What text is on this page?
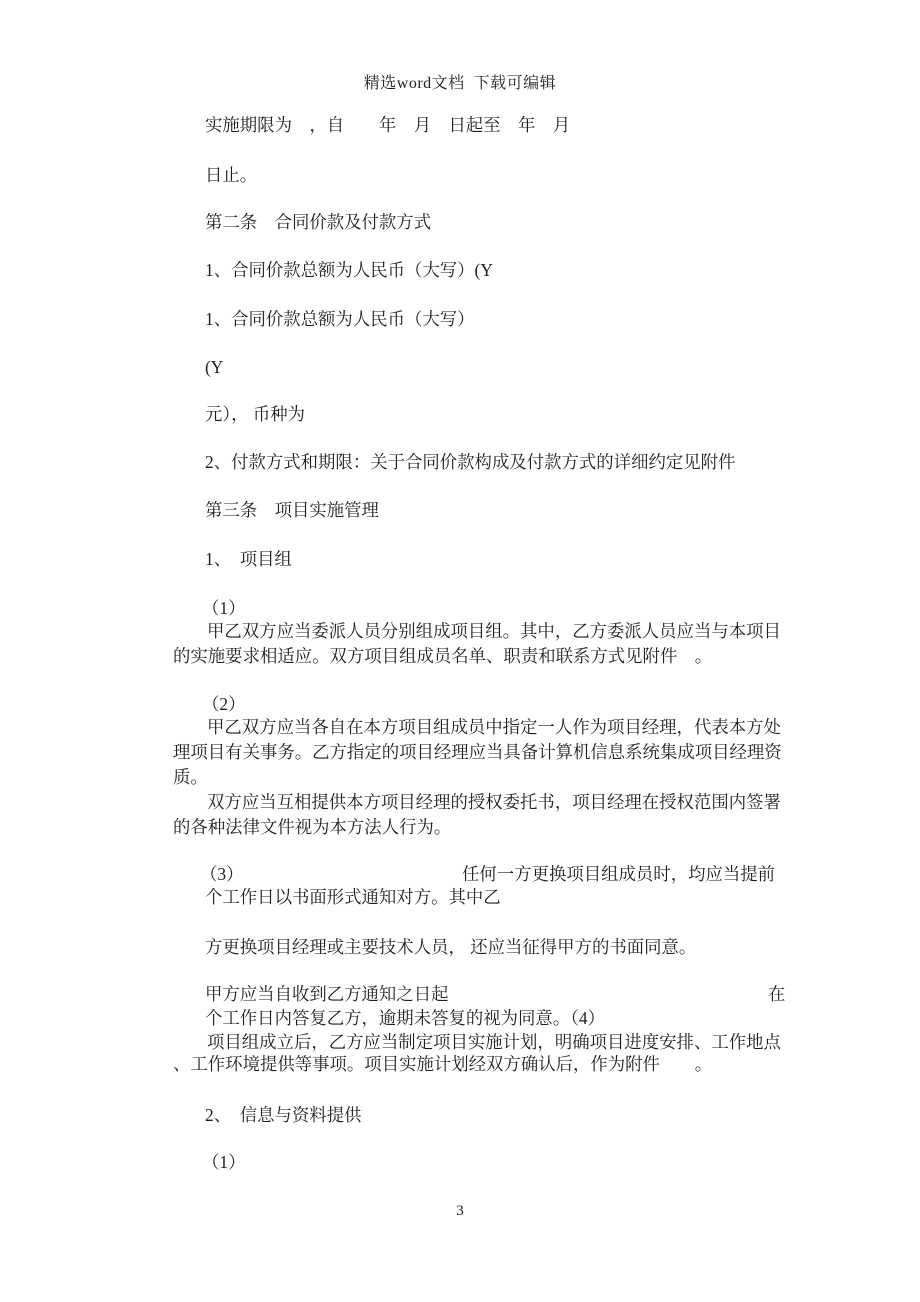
精选word文档  下载可编辑
实施期限为　，自　　年　月　日起至　年　月
日止。
第二条　合同价款及付款方式
1、合同价款总额为人民币（大写）(Y
1、合同价款总额为人民币（大写）
(Y
元）， 币种为
2、付款方式和期限：关于合同价款构成及付款方式的详细约定见附件
第三条　项目实施管理
1、　项目组
（1）
甲乙双方应当委派人员分别组成项目组。其中，乙方委派人员应当与本项目
的实施要求相适应。双方项目组成员名单、职责和联系方式见附件　。
（2）
甲乙双方应当各自在本方项目组成员中指定一人作为项目经理，代表本方处
理项目有关事务。乙方指定的项目经理应当具备计算机信息系统集成项目经理资
质。
双方应当互相提供本方项目经理的授权委托书，项目经理在授权范围内签署
的各种法律文件视为本方法人行为。
（3）	任何一方更换项目组成员时，均应当提前
个工作日以书面形式通知对方。其中乙
方更换项目经理或主要技术人员， 还应当征得甲方的书面同意。
甲方应当自收到乙方通知之日起	在
个工作日内答复乙方，逾期未答复的视为同意。（4）
项目组成立后，乙方应当制定项目实施计划，明确项目进度安排、工作地点
、工作环境提供等事项。项目实施计划经双方确认后，作为附件　　。
2、　信息与资料提供
（1）
3
